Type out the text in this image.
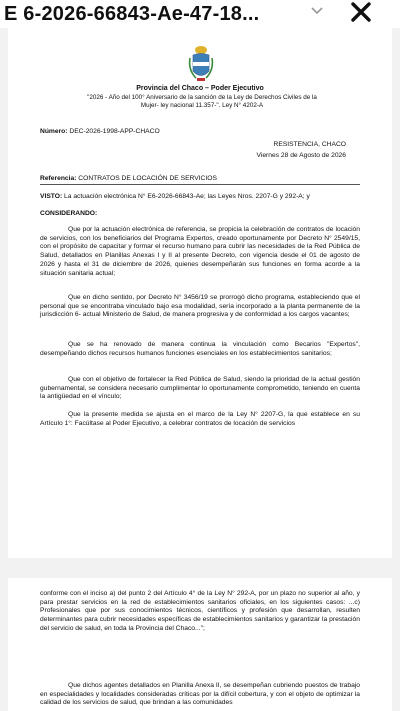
E 6-2026-66843-Ae-47-18...
Provincia del Chaco – Poder Ejecutivo
"2026 - Año del 100° Aniversario de la sanción de la Ley de Derechos Civiles de la Mujer- ley nacional 11.357-". Ley N° 4202-A
Número: DEC-2026-1998-APP-CHACO
RESISTENCIA, CHACO
Viernes 28 de Agosto de 2026
Referencia: CONTRATOS DE LOCACIÓN DE SERVICIOS
VISTO: La actuación electrónica N° E6-2026-66843-Ae; las Leyes Nros. 2207-G y 292-A; y
CONSIDERANDO:
Que por la actuación electrónica de referencia, se propicia la celebración de contratos de locación de servicios, con los beneficiarios del Programa Expertos, creado oportunamente por Decreto N° 2549/15, con el propósito de capacitar y formar el recurso humano para cubrir las necesidades de la Red Pública de Salud, detallados en Planillas Anexas I y II al presente Decreto, con vigencia desde el 01 de agosto de 2026 y hasta el 31 de diciembre de 2026, quienes desempeñarán sus funciones en forma acorde a la situación sanitaria actual;
Que en dicho sentido, por Decreto N° 3456/19 se prorrogó dicho programa, estableciendo que el personal que se encontraba vinculado bajo esa modalidad, sería incorporado a la planta permanente de la jurisdicción 6- actual Ministerio de Salud, de manera progresiva y de conformidad a los cargos vacantes;
Que se ha renovado de manera continua la vinculación como Becarios "Expertos", desempeñando dichos recursos humanos funciones esenciales en los establecimientos sanitarios;
Que con el objetivo de fortalecer la Red Pública de Salud, siendo la prioridad de la actual gestión gubernamental, se considera necesario cumplimentar lo oportunamente comprometido, teniendo en cuenta la antigüedad en el vínculo;
Que la presente medida se ajusta en el marco de la Ley N° 2207-G, la que establece en su Artículo 1°: Facúltase al Poder Ejecutivo, a celebrar contratos de locación de servicios
conforme con el inciso a) del punto 2 del Artículo 4° de la Ley N° 292-A, por un plazo no superior al año, y para prestar servicios en la red de establecimientos sanitarios oficiales, en los siguientes casos: ...c) Profesionales que por sus conocimientos técnicos, científicos y profesión que desarrollan, resulten determinantes para cubrir necesidades específicas de establecimientos sanitarios y garantizar la prestación del servicio de salud, en toda la Provincia del Chaco...";
Que dichos agentes detallados en Planilla Anexa II, se desempeñan cubriendo puestos de trabajo en especialidades y localidades consideradas críticas por la difícil cobertura, y con el objeto de optimizar la calidad de los servicios de salud, que brindan a las comunidades
